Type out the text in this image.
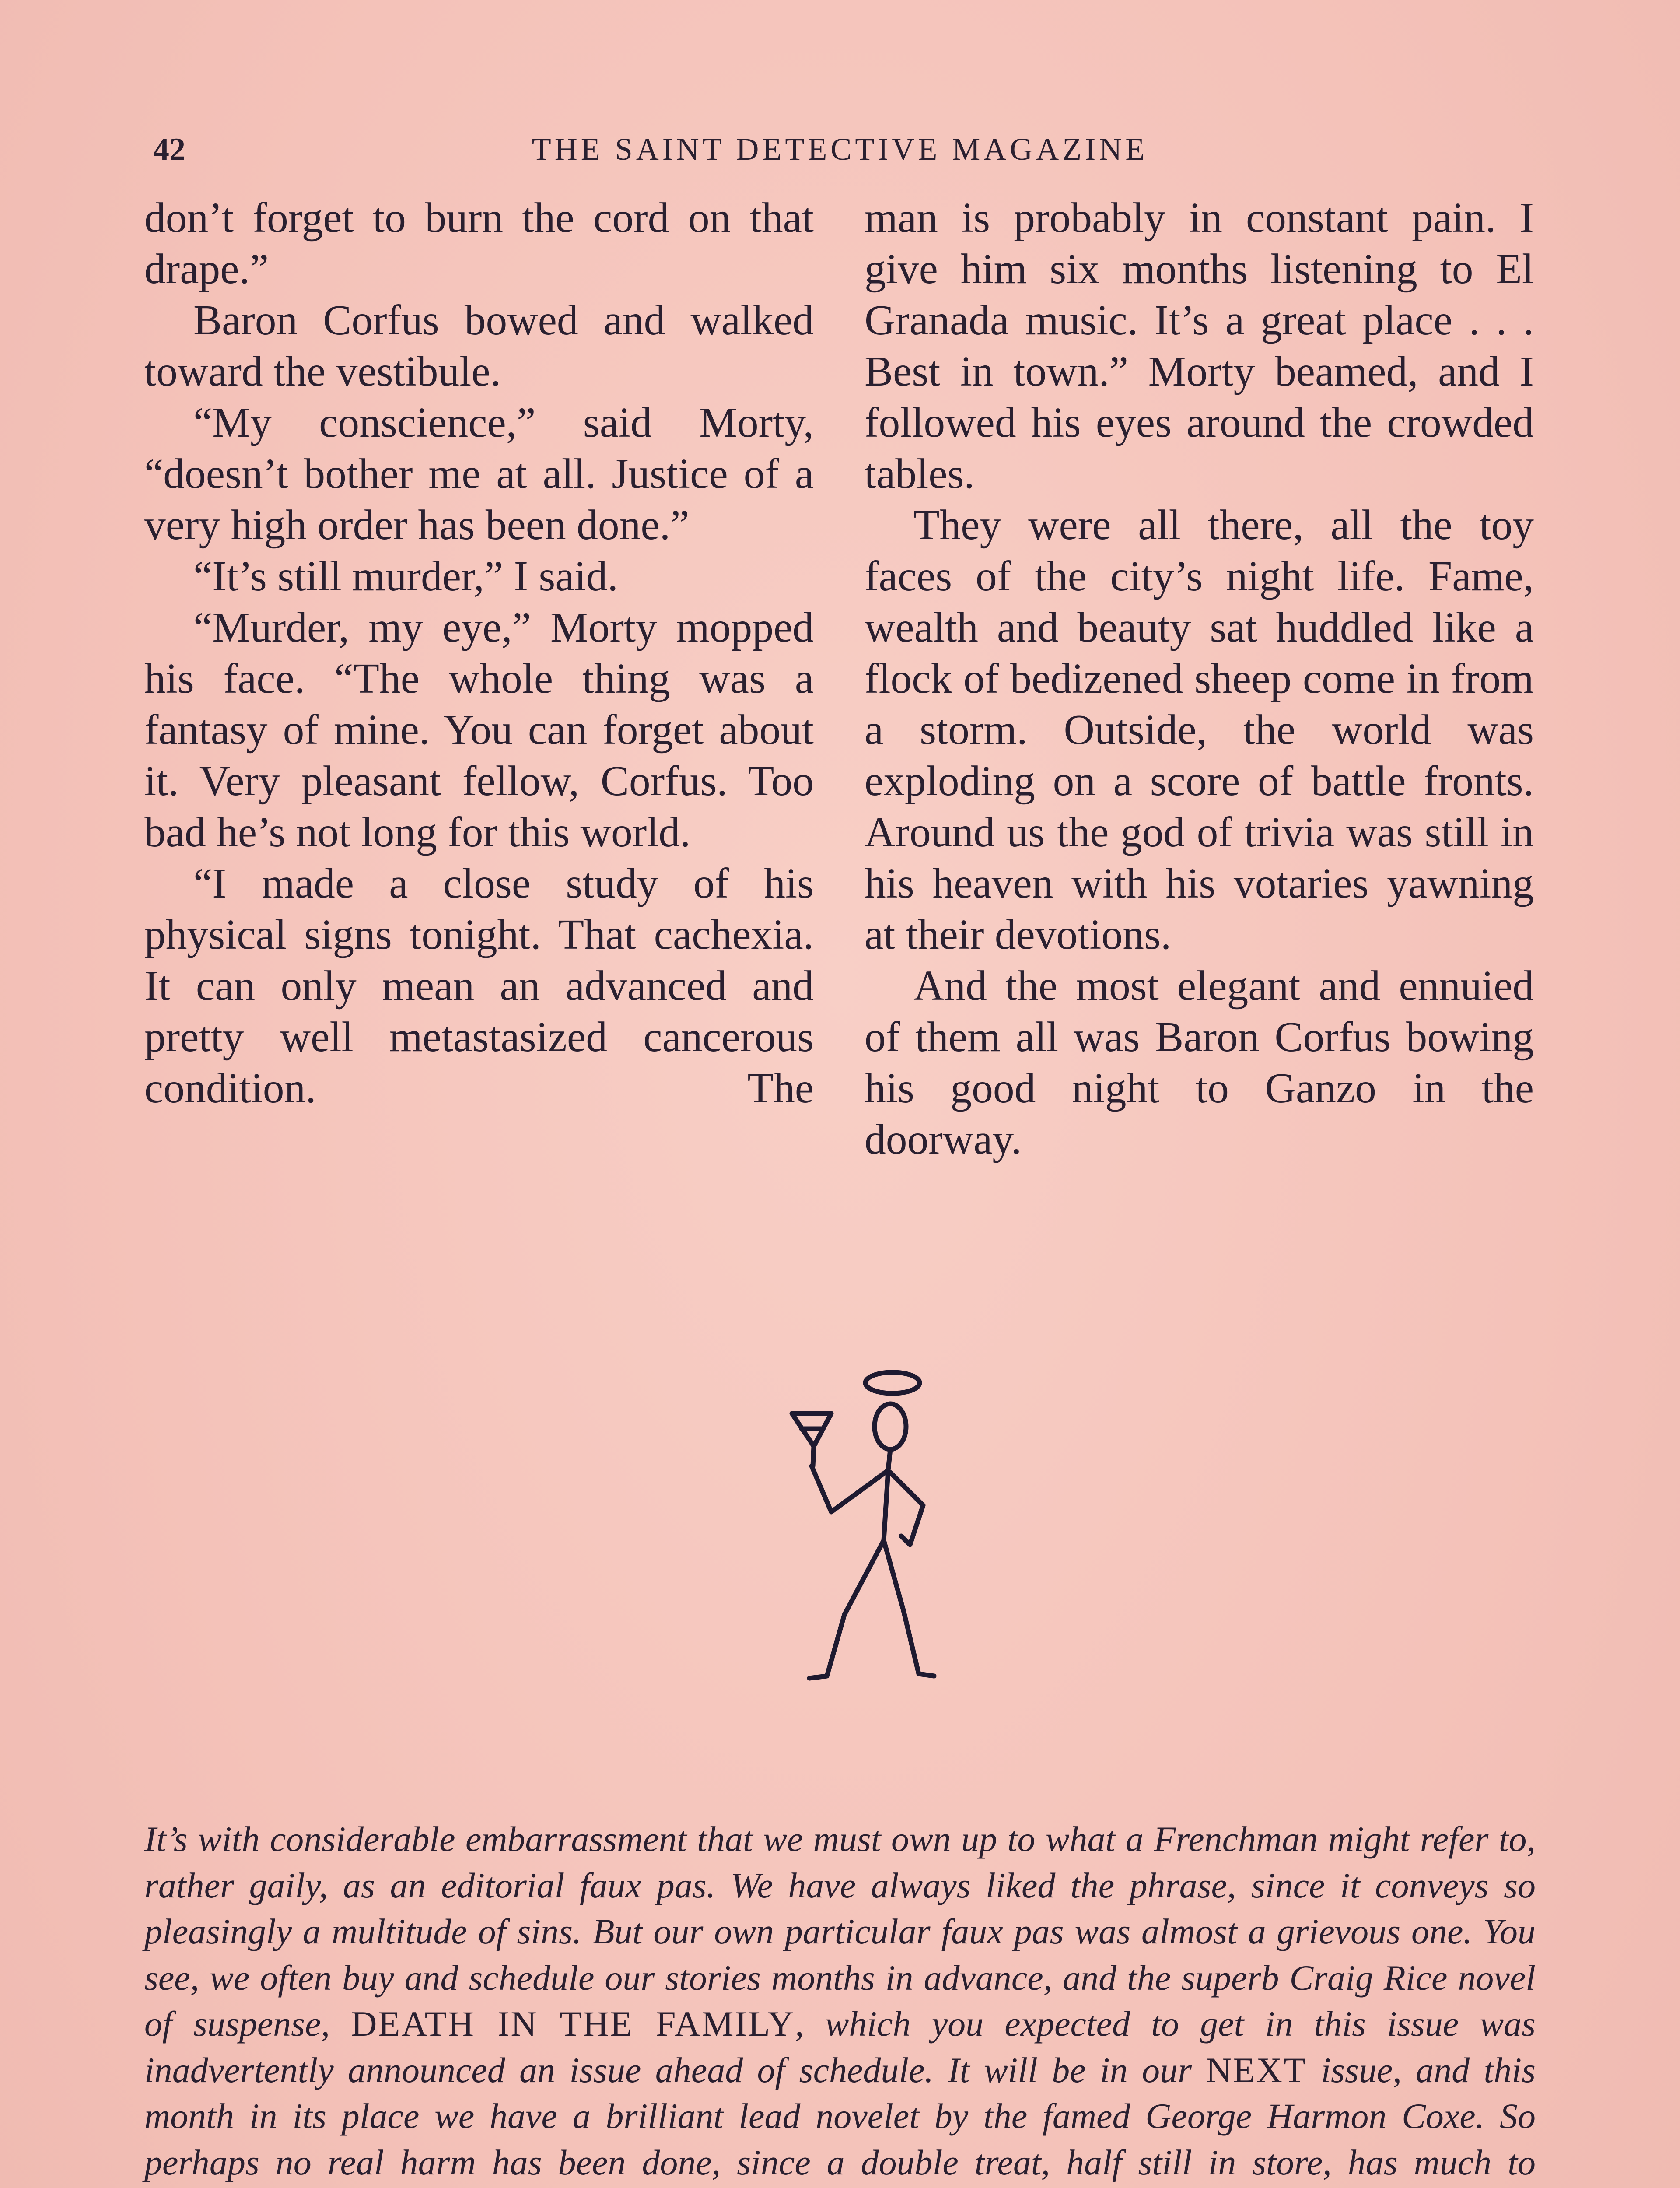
42	THE SAINT DETECTIVE MAGAZINE

don’t forget to burn the cord on that drape.”

Baron Corfus bowed and walked toward the vestibule.

“My conscience,” said Morty, “doesn’t bother me at all. Justice of a very high order has been done.”

“It’s still murder,” I said.

“Murder, my eye,” Morty mopped his face. “The whole thing was a fantasy of mine. You can forget about it. Very pleasant fellow, Corfus. Too bad he’s not long for this world.

“I made a close study of his physical signs tonight. That cachexia. It can only mean an advanced and pretty well metastasized cancerous condition. The

man is probably in constant pain. I give him six months listening to El Granada music. It’s a great place . . . Best in town.” Morty beamed, and I followed his eyes around the crowded tables.

They were all there, all the toy faces of the city’s night life. Fame, wealth and beauty sat huddled like a flock of bedizened sheep come in from a storm. Outside, the world was exploding on a score of battle fronts. Around us the god of trivia was still in his heaven with his votaries yawning at their devotions.

And the most elegant and ennuied of them all was Baron Corfus bowing his good night to Ganzo in the doorway.

It’s with considerable embarrassment that we must own up to what a Frenchman might refer to, rather gaily, as an editorial faux pas. We have always liked the phrase, since it conveys so pleasingly a multitude of sins. But our own particular faux pas was almost a grievous one. You see, we often buy and schedule our stories months in advance, and the superb Craig Rice novel of suspense, DEATH IN THE FAMILY, which you expected to get in this issue was inadvertently announced an issue ahead of schedule. It will be in our NEXT issue, and this month in its place we have a brilliant lead novelet by the famed George Harmon Coxe. So perhaps no real harm has been done, since a double treat, half still in store, has much to
